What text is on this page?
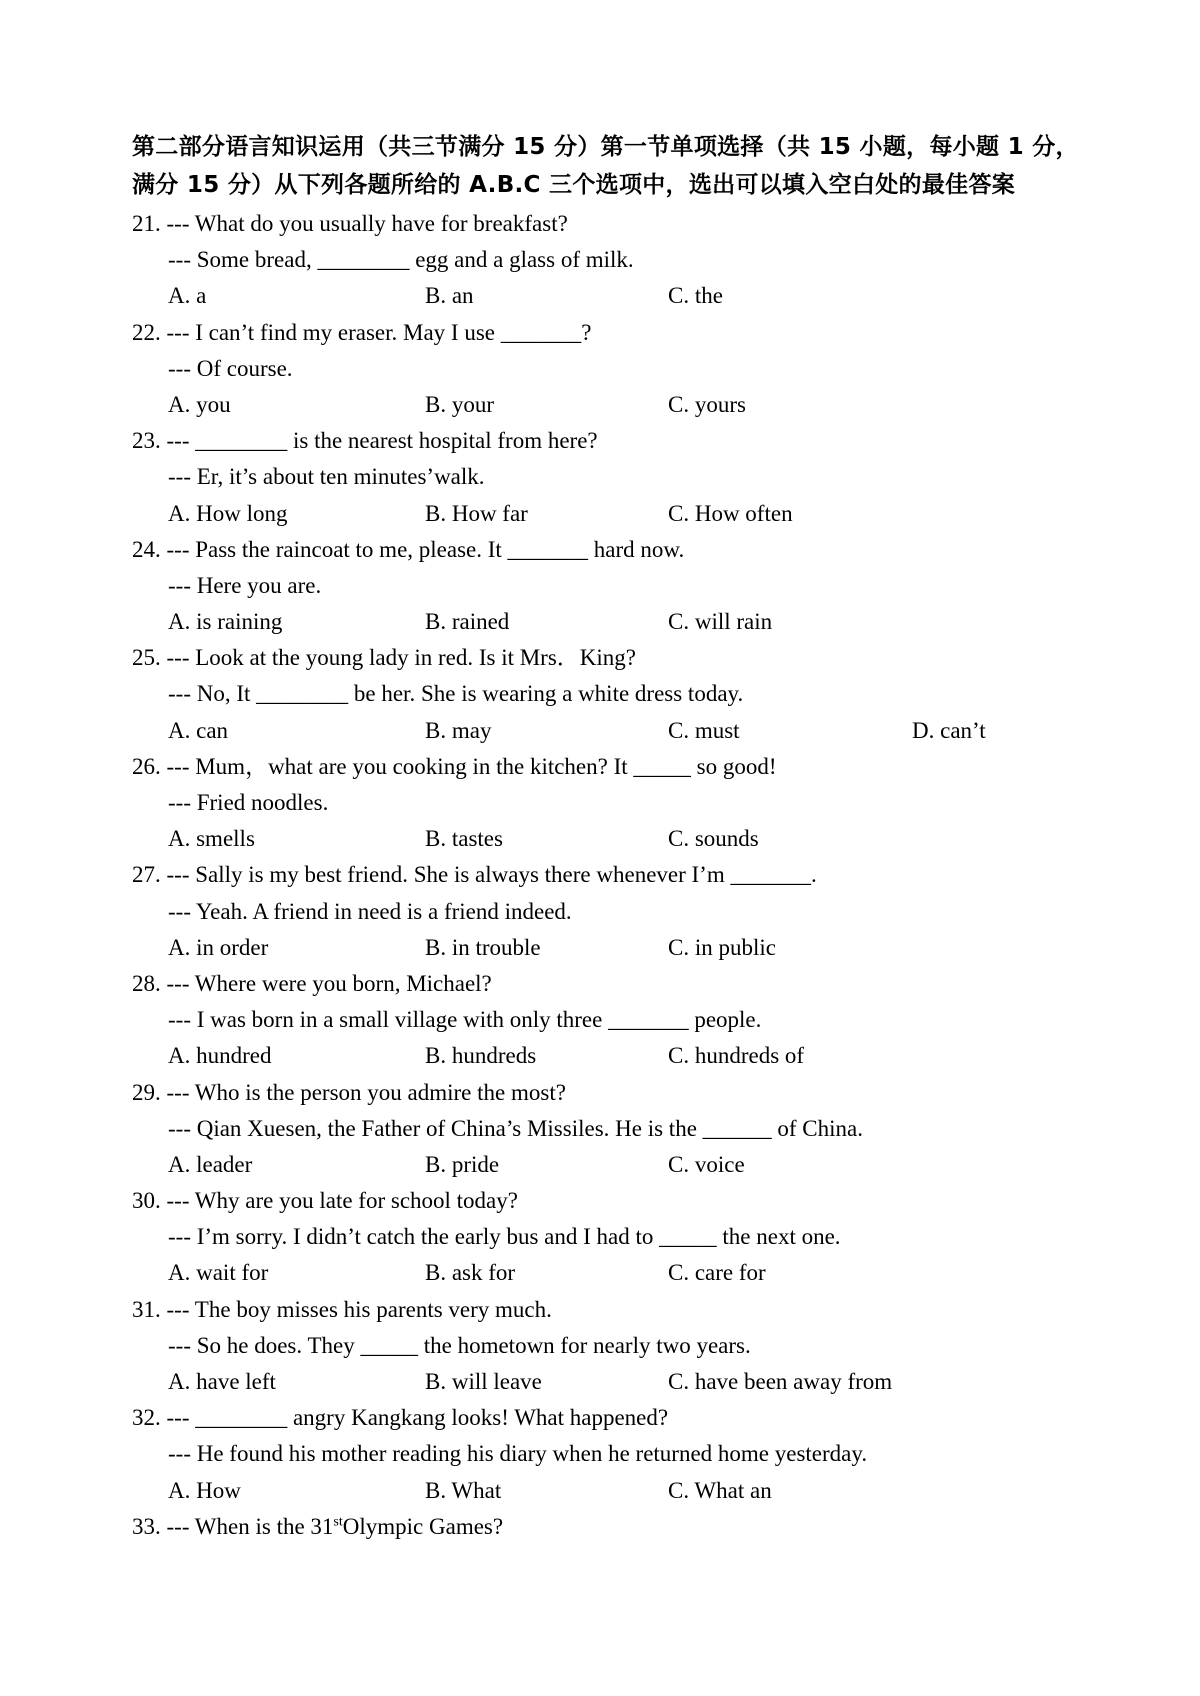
第二部分语言知识运用（共三节满分 15 分）第一节单项选择（共 15 小题，每小题 1 分，
满分 15 分）从下列各题所给的 A.B.C 三个选项中，选出可以填入空白处的最佳答案
21. --- What do you usually have for breakfast?
--- Some bread, ________ egg and a glass of milk.
A. a	B. an	C. the
22. --- I can’t find my eraser. May I use _______?
--- Of course.
A. you	B. your	C. yours
23. --- ________ is the nearest hospital from here?
--- Er, it’s about ten minutes’walk.
A. How long	B. How far	C. How often
24. --- Pass the raincoat to me, please. It _______ hard now.
--- Here you are.
A. is raining	B. rained	C. will rain
25. --- Look at the young lady in red. Is it Mrs．King?
--- No, It ________ be her. She is wearing a white dress today.
A. can	B. may	C. must	D. can’t
26. --- Mum，what are you cooking in the kitchen? It _____ so good!
--- Fried noodles.
A. smells	B. tastes	C. sounds
27. --- Sally is my best friend. She is always there whenever I’m _______.
--- Yeah. A friend in need is a friend indeed.
A. in order	B. in trouble	C. in public
28. --- Where were you born, Michael?
--- I was born in a small village with only three _______ people.
A. hundred	B. hundreds	C. hundreds of
29. --- Who is the person you admire the most?
--- Qian Xuesen, the Father of China’s Missiles. He is the ______ of China.
A. leader	B. pride	C. voice
30. --- Why are you late for school today?
--- I’m sorry. I didn’t catch the early bus and I had to _____ the next one.
A. wait for	B. ask for	C. care for
31. --- The boy misses his parents very much.
--- So he does. They _____ the hometown for nearly two years.
A. have left	B. will leave	C. have been away from
32. --- ________ angry Kangkang looks! What happened?
--- He found his mother reading his diary when he returned home yesterday.
A. How	B. What	C. What an
33. --- When is the 31stOlympic Games?
